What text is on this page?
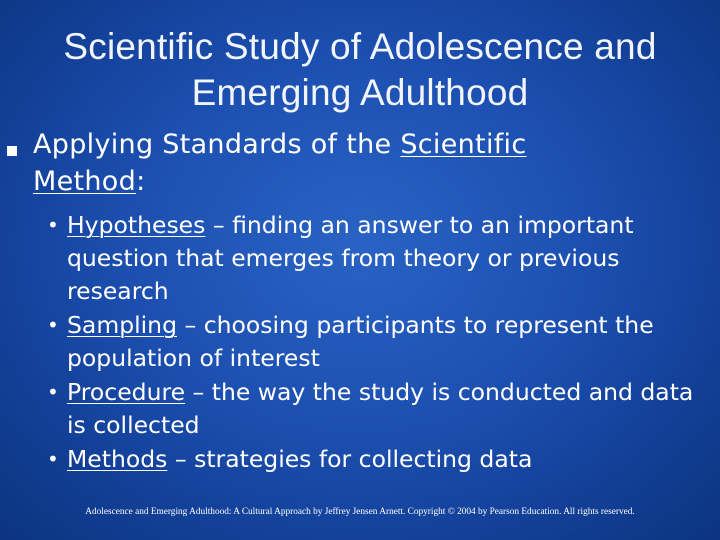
Scientific Study of Adolescence and
Emerging Adulthood
Applying Standards of the Scientific
Method:
• Hypotheses – finding an answer to an important question that emerges from theory or previous research
• Sampling – choosing participants to represent the population of interest
• Procedure – the way the study is conducted and data is collected
• Methods – strategies for collecting data
Adolescence and Emerging Adulthood: A Cultural Approach by Jeffrey Jensen Arnett. Copyright © 2004 by Pearson Education. All rights reserved.
